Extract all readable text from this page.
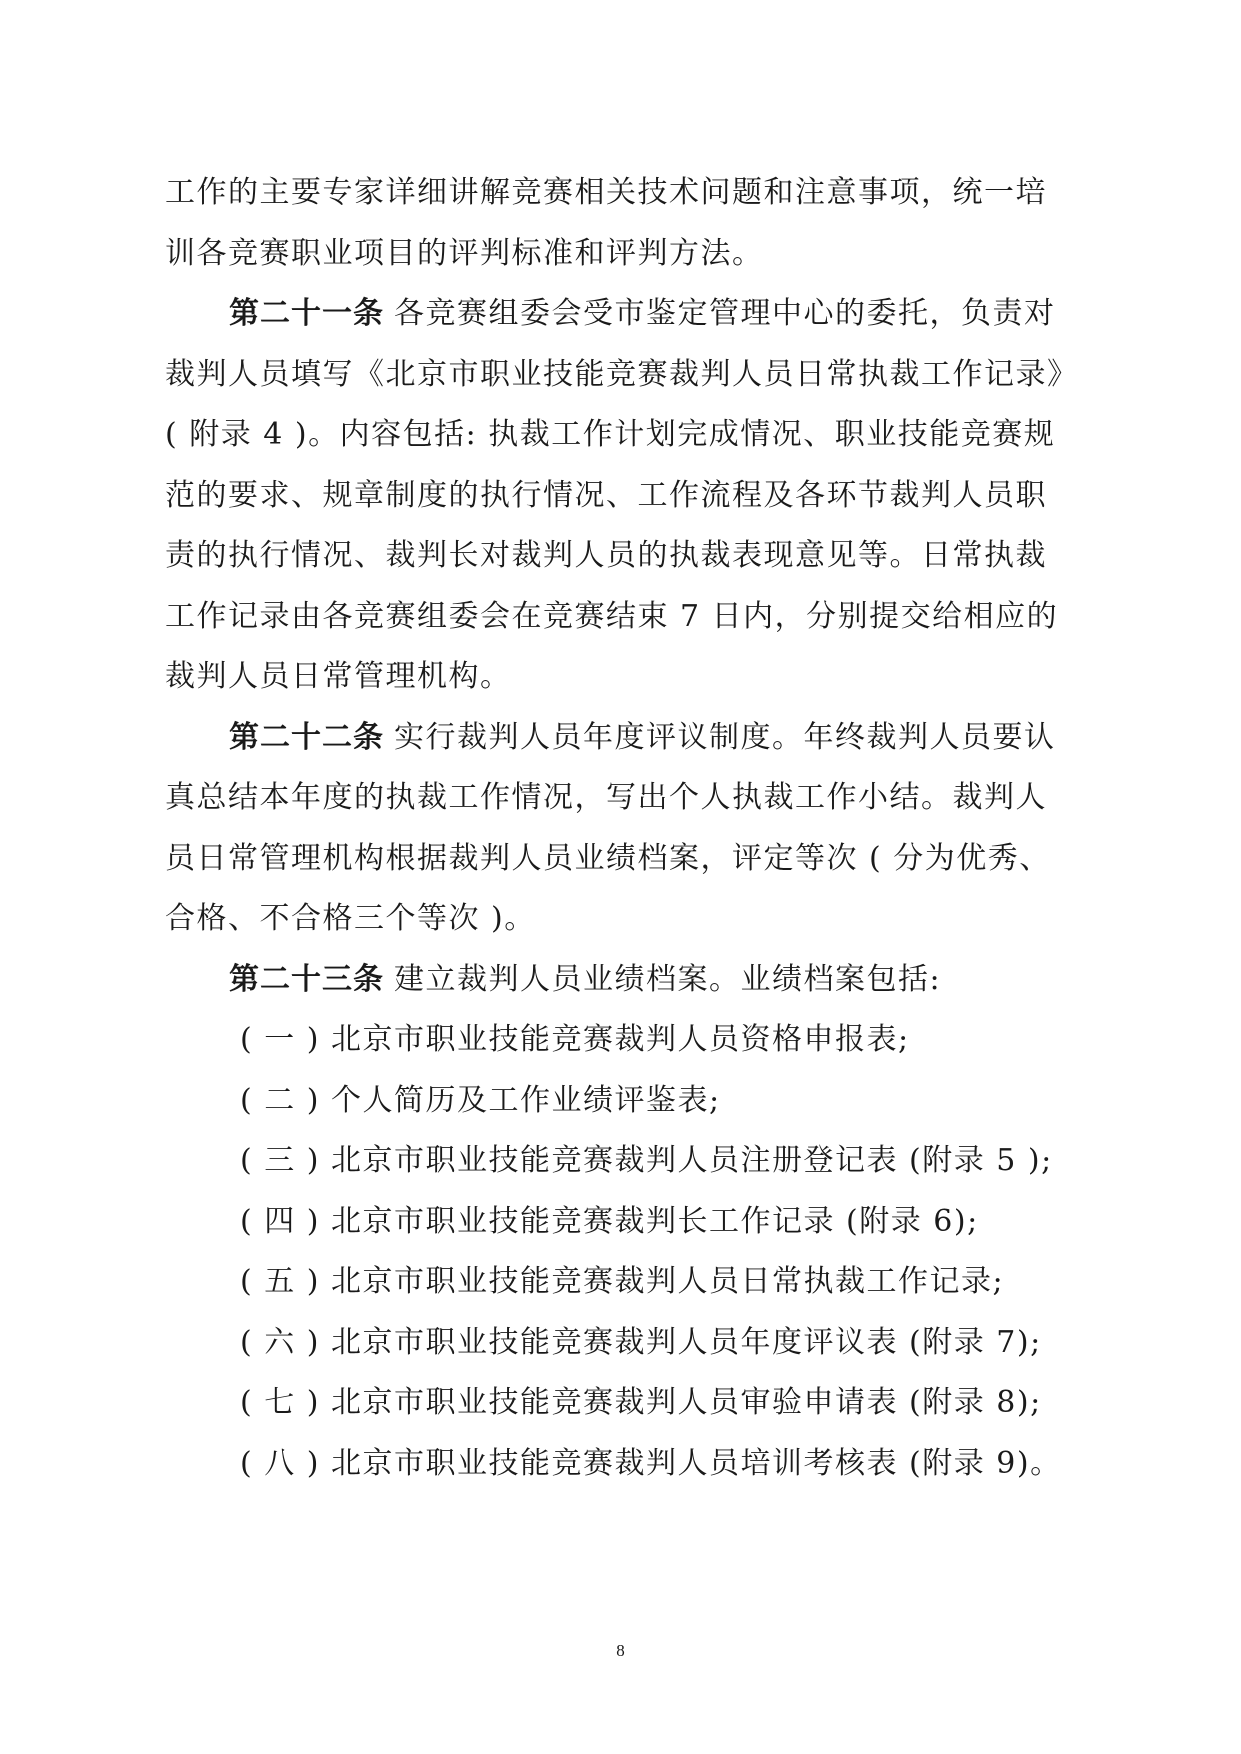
工作的主要专家详细讲解竞赛相关技术问题和注意事项，统一培训各竞赛职业项目的评判标准和评判方法。

第二十一条 各竞赛组委会受市鉴定管理中心的委托，负责对裁判人员填写《北京市职业技能竞赛裁判人员日常执裁工作记录》( 附录 4 )。内容包括: 执裁工作计划完成情况、职业技能竞赛规范的要求、规章制度的执行情况、工作流程及各环节裁判人员职责的执行情况、裁判长对裁判人员的执裁表现意见等。日常执裁工作记录由各竞赛组委会在竞赛结束 7 日内，分别提交给相应的裁判人员日常管理机构。

第二十二条 实行裁判人员年度评议制度。年终裁判人员要认真总结本年度的执裁工作情况，写出个人执裁工作小结。裁判人员日常管理机构根据裁判人员业绩档案，评定等次 ( 分为优秀、合格、不合格三个等次 )。

第二十三条 建立裁判人员业绩档案。业绩档案包括:

( 一 ) 北京市职业技能竞赛裁判人员资格申报表;

( 二 ) 个人简历及工作业绩评鉴表;

( 三 ) 北京市职业技能竞赛裁判人员注册登记表 (附录 5 );

( 四 ) 北京市职业技能竞赛裁判长工作记录 (附录 6);

( 五 ) 北京市职业技能竞赛裁判人员日常执裁工作记录;

( 六 ) 北京市职业技能竞赛裁判人员年度评议表 (附录 7);

( 七 ) 北京市职业技能竞赛裁判人员审验申请表 (附录 8);

( 八 ) 北京市职业技能竞赛裁判人员培训考核表 (附录 9)。

8
